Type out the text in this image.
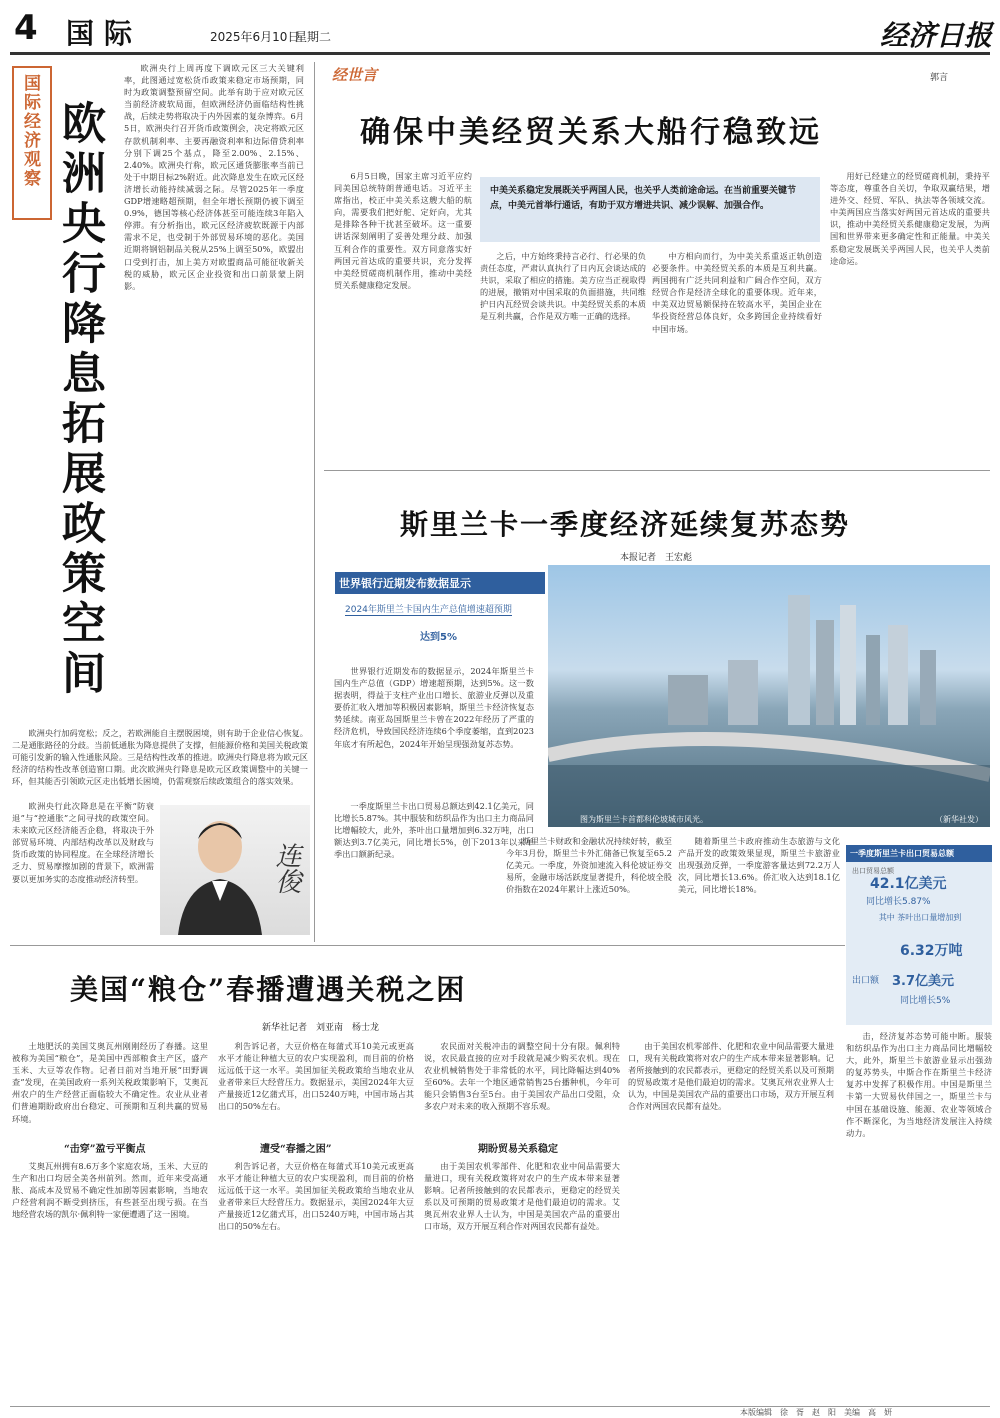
4 国际	2025年6月10日
星期二	经济日报
国际经济观察 欧洲央行降息拓展政策空间

欧洲央行上周再度下调欧元区三大关键利率，此图通过宽松货币政策来稳定市场预期，同时为政策调整预留空间。此举有助于应对欧元区当前经济疲软局面，但欧洲经济仍面临结构性挑战，后续走势将取决于内外因素的复杂博弈。6月5日，欧洲央行召开货币政策例会，决定将欧元区存款机制利率、主要再融资利率和边际借贷利率分别下调25个基点，降至2.00%、2.15%、2.40%。欧洲央行称，欧元区通货膨胀率当前已处于中期目标2%附近。此次降息发生在欧元区经济增长动能持续减弱之际。尽管2025年一季度GDP增速略超预期，但全年增长预期仍被下调至0.9%，德国等核心经济体甚至可能连续3年陷入停滞。有分析指出，欧元区经济疲软既源于内部需求不足，也受制于外部贸易环境的恶化。美国近期将钢铝制品关税从25%上调至50%，欧盟出口受到打击，加上美方对欧盟商品可能征收新关税的威胁，欧元区企业投资和出口前景蒙上阴影。

欧洲央行加码宽松；反之，若欧洲能自主摆脱困境，则有助于企业信心恢复。二是通胀路径的分歧。当前低通胀为降息提供了支撑，但能源价格和美国关税政策可能引发新的输入性通胀风险。三是结构性改革的推进。欧洲央行降息将为欧元区经济的结构性改革创造窗口期。此次欧洲央行降息是欧元区政策调整中的关键一环，但其能否引领欧元区走出低增长困境，仍需观察后续政策组合的落实效果。

欧洲央行此次降息是在平衡“防衰退”与“控通胀”之间寻找的政策空间。未来欧元区经济能否企稳，将取决于外部贸易环境、内部结构改革以及财政与货币政策的协同程度。在全球经济增长乏力、贸易摩擦加剧的背景下，欧洲需要以更加务实的态度推动经济转型。	连俊
经世言	郭言
确保中美经贸关系大船行稳致远
中美关系稳定发展既关乎两国人民，也关乎人类前途命运。在当前重要关键节点，中美元首举行通话，有助于双方增进共识、减少误解、加强合作。

6月5日晚，国家主席习近平应约同美国总统特朗普通电话。习近平主席指出，校正中美关系这艘大船的航向，需要我们把好舵、定好向，尤其是排除各种干扰甚至破坏。这一重要讲话深刻阐明了妥善处理分歧、加强互利合作的重要性。双方同意落实好两国元首达成的重要共识，充分发挥中美经贸磋商机制作用，推动中美经贸关系健康稳定发展。

之后，中方始终秉持言必行、行必果的负责任态度，严肃认真执行了日内瓦会谈达成的共识，采取了相应的措施。美方应当正视取得的进展，撤销对中国采取的负面措施，共同维护日内瓦经贸会谈共识。中美经贸关系的本质是互利共赢，合作是双方唯一正确的选择。

中方相向而行，为中美关系重返正轨创造必要条件。中美经贸关系的本质是互利共赢。两国拥有广泛共同利益和广阔合作空间，双方经贸合作是经济全球化的重要体现。近年来，中美双边贸易额保持在较高水平，美国企业在华投资经营总体良好，众多跨国企业持续看好中国市场。

用好已经建立的经贸磋商机制，秉持平等态度，尊重各自关切，争取双赢结果，增进外交、经贸、军队、执法等各领域交流。中美两国应当落实好两国元首达成的重要共识，推动中美经贸关系健康稳定发展，为两国和世界带来更多确定性和正能量。中美关系稳定发展既关乎两国人民，也关乎人类前途命运。

斯里兰卡一季度经济延续复苏态势
本报记者　王宏彪
图为斯里兰卡首都科伦坡城市风光。	（新华社发）
世界银行近期发布数据显示
2024年斯里兰卡国内生产总值增速超预期
达到5%

世界银行近期发布的数据显示，2024年斯里兰卡国内生产总值（GDP）增速超预期，达到5%。这一数据表明，得益于支柱产业出口增长、旅游业反弹以及重要侨汇收入增加等积极因素影响，斯里兰卡经济恢复态势延续。南亚岛国斯里兰卡曾在2022年经历了严重的经济危机，导致国民经济连续6个季度萎缩，直到2023年底才有所起色，2024年开始呈现强劲复苏态势。

一季度斯里兰卡出口贸易总额达到42.1亿美元，同比增长5.87%。其中服装和纺织品作为出口主力商品同比增幅较大，此外，茶叶出口量增加到6.32万吨，出口额达到3.7亿美元，同比增长5%，创下2013年以来单季出口额新纪录。

斯里兰卡财政和金融状况持续好转，截至今年3月份，斯里兰卡外汇储备已恢复至65.2亿美元。一季度，外资加速流入科伦坡证券交易所，金融市场活跃度显著提升，科伦坡全股价指数在2024年累计上涨近50%。

随着斯里兰卡政府推动生态旅游与文化产品开发的政策效果显现，斯里兰卡旅游业出现强劲反弹，一季度游客量达到72.2万人次，同比增长13.6%。侨汇收入达到18.1亿美元，同比增长18%。

一季度斯里兰卡出口贸易总额
出口贸易总额
42.1亿美元
同比增长5.87%
其中 茶叶出口量增加到
6.32万吨
出口额 3.7亿美元
同比增长5%
美国“粮仓”春播遭遇关税之困
新华社记者　刘亚南　杨士龙

土地肥沃的美国艾奥瓦州刚刚经历了春播。这里被称为美国“粮仓”，是美国中西部粮食主产区，盛产玉米、大豆等农作物。记者日前对当地开展“田野调查”发现，在美国政府一系列关税政策影响下，艾奥瓦州农户的生产经营正面临较大不确定性。农业从业者们普遍期盼政府出台稳定、可预期和互利共赢的贸易环境。

“击穿”盈亏平衡点

艾奥瓦州拥有8.6万多个家庭农场，玉米、大豆的生产和出口均居全美各州前列。然而，近年来受高通胀、高成本及贸易不确定性加剧等因素影响，当地农户经营利润不断受到挤压，有些甚至出现亏损。在当地经营农场的凯尔·佩利特一家便遭遇了这一困境。

利告诉记者，大豆价格在每蒲式耳10美元或更高水平才能让种植大豆的农户实现盈利，而目前的价格远远低于这一水平。美国加征关税政策给当地农业从业者带来巨大经营压力。数据显示，美国2024年大豆产量接近12亿蒲式耳，出口5240万吨，中国市场占其出口的50%左右。

遭受“春播之困”

利告诉记者，大豆价格在每蒲式耳10美元或更高水平才能让种植大豆的农户实现盈利，而目前的价格远远低于这一水平。美国加征关税政策给当地农业从业者带来巨大经营压力。数据显示，美国2024年大豆产量接近12亿蒲式耳，出口5240万吨，中国市场占其出口的50%左右。

农民面对关税冲击的调整空间十分有限。佩利特说，农民最直接的应对手段就是减少购买农机。现在农业机械销售处于非常低的水平，同比降幅达到40%至60%。去年一个地区通常销售25台播种机，今年可能只会销售3台至5台。由于美国农产品出口受阻，众多农户对未来的收入预期不容乐观。

期盼贸易关系稳定

由于美国农机零部件、化肥和农业中间品需要大量进口，现有关税政策将对农户的生产成本带来显著影响。记者所接触到的农民都表示，更稳定的经贸关系以及可预期的贸易政策才是他们最迫切的需求。艾奥瓦州农业界人士认为，中国是美国农产品的重要出口市场，双方开展互利合作对两国农民都有益处。

由于美国农机零部件、化肥和农业中间品需要大量进口，现有关税政策将对农户的生产成本带来显著影响。记者所接触到的农民都表示，更稳定的经贸关系以及可预期的贸易政策才是他们最迫切的需求。艾奥瓦州农业界人士认为，中国是美国农产品的重要出口市场，双方开展互利合作对两国农民都有益处。

击，经济复苏态势可能中断。服装和纺织品作为出口主力商品同比增幅较大，此外，斯里兰卡旅游业显示出强劲的复苏势头，中斯合作在斯里兰卡经济复苏中发挥了积极作用。中国是斯里兰卡第一大贸易伙伴国之一，斯里兰卡与中国在基础设施、能源、农业等领域合作不断深化，为当地经济发展注入持续动力。

本版编辑　徐　胥　赵　阳　美编　高　妍
